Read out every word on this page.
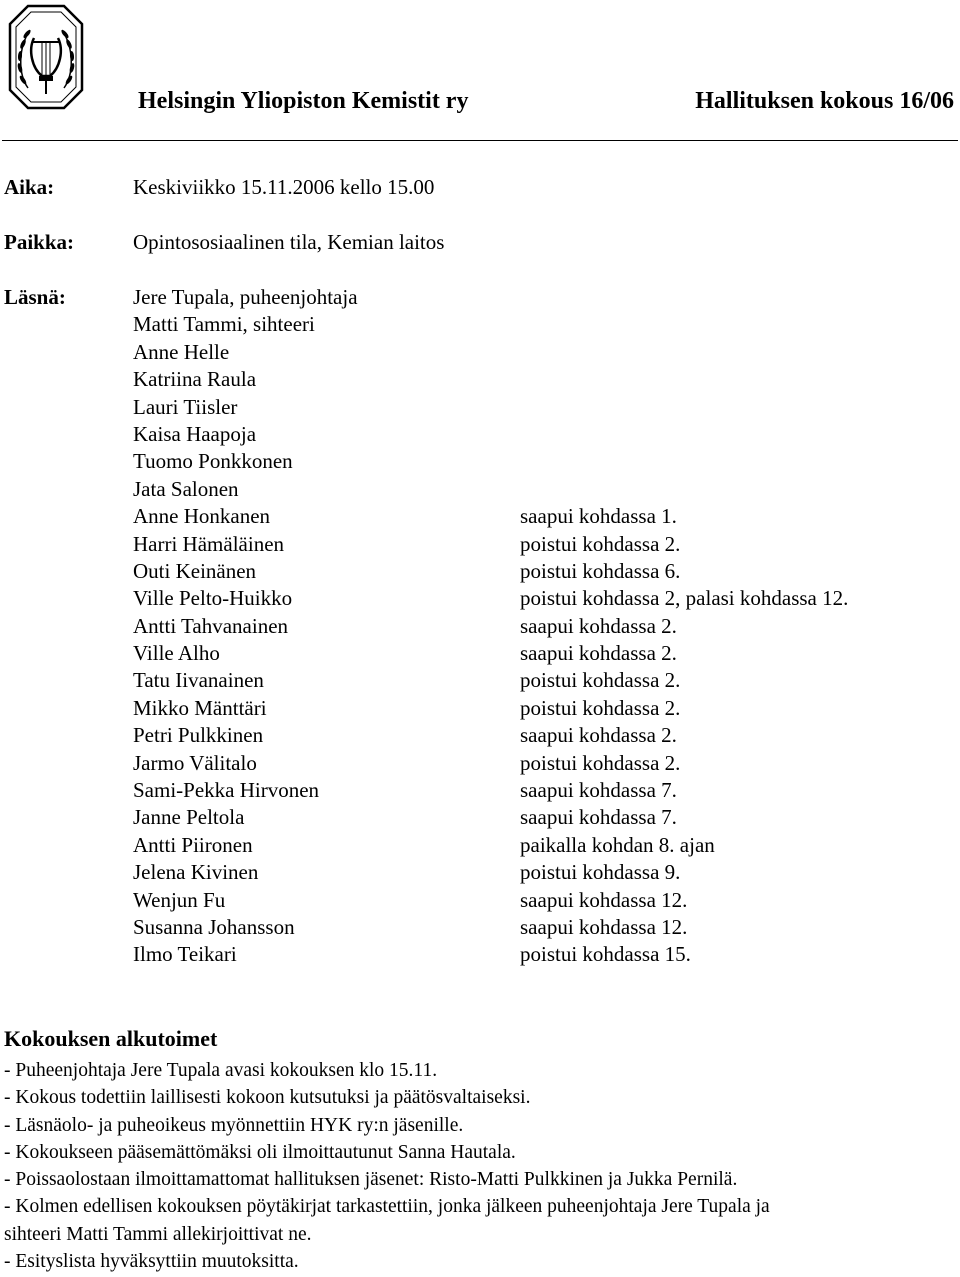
Helsingin Yliopiston Kemistit ry	Hallituksen kokous 16/06
Aika:	Keskiviikko 15.11.2006 kello 15.00
Paikka:	Opintososiaalinen tila, Kemian laitos
Läsnä:	Jere Tupala, puheenjohtaja
Matti Tammi, sihteeri
Anne Helle
Katriina Raula
Lauri Tiisler
Kaisa Haapoja
Tuomo Ponkkonen
Jata Salonen
Anne Honkanen	saapui kohdassa 1.
Harri Hämäläinen	poistui kohdassa 2.
Outi Keinänen	poistui kohdassa 6.
Ville Pelto-Huikko	poistui kohdassa 2, palasi kohdassa 12.
Antti Tahvanainen	saapui kohdassa 2.
Ville Alho	saapui kohdassa 2.
Tatu Iivanainen	poistui kohdassa 2.
Mikko Mänttäri	poistui kohdassa 2.
Petri Pulkkinen	saapui kohdassa 2.
Jarmo Välitalo	poistui kohdassa 2.
Sami-Pekka Hirvonen	saapui kohdassa 7.
Janne Peltola	saapui kohdassa 7.
Antti Piironen	paikalla kohdan 8. ajan
Jelena Kivinen	poistui kohdassa 9.
Wenjun Fu	saapui kohdassa 12.
Susanna Johansson	saapui kohdassa 12.
Ilmo Teikari	poistui kohdassa 15.
Kokouksen alkutoimet
- Puheenjohtaja Jere Tupala avasi kokouksen klo 15.11.
- Kokous todettiin laillisesti kokoon kutsutuksi ja päätösvaltaiseksi.
- Läsnäolo- ja puheoikeus myönnettiin HYK ry:n jäsenille.
- Kokoukseen pääsemättömäksi oli ilmoittautunut Sanna Hautala.
- Poissaolostaan ilmoittamattomat hallituksen jäsenet: Risto-Matti Pulkkinen ja Jukka Pernilä.
- Kolmen edellisen kokouksen pöytäkirjat tarkastettiin, jonka jälkeen puheenjohtaja Jere Tupala ja
sihteeri Matti Tammi allekirjoittivat ne.
- Esityslista hyväksyttiin muutoksitta.
